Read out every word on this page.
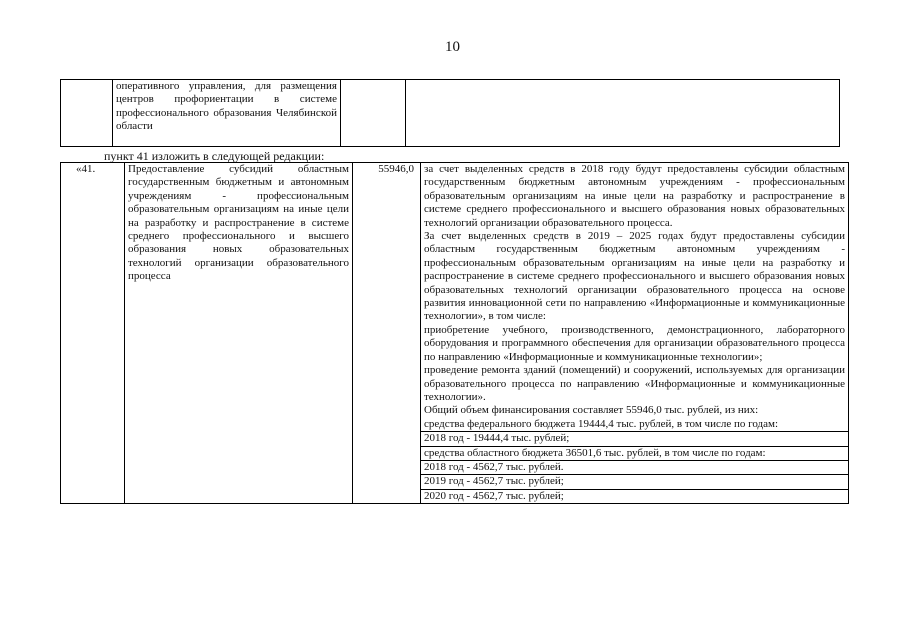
10
	оперативного управления, для размещения центров профориентации в системе профессионального образования Челябинской области		
пункт 41 изложить в следующей редакции:
«41.	Предоставление субсидий областным государственным бюджетным и автономным учреждениям - профессиональным образовательным организациям на иные цели на разработку и распространение в системе среднего профессионального и высшего образования новых образовательных технологий организации образовательного процесса	55946,0	за счет выделенных средств в 2018 году будут предоставлены субсидии областным государственным бюджетным автономным учреждениям - профессиональным образовательным организациям на иные цели на разработку и распространение в системе среднего профессионального и высшего образования новых образовательных технологий организации образовательного процесса.
За счет выделенных средств в 2019 – 2025 годах будут предоставлены субсидии областным государственным бюджетным автономным учреждениям - профессиональным образовательным организациям на иные цели на разработку и распространение в системе среднего профессионального и высшего образования новых образовательных технологий организации образовательного процесса на основе развития инновационной сети по направлению «Информационные и коммуникационные технологии», в том числе:
приобретение учебного, производственного, демонстрационного, лабораторного оборудования и программного обеспечения для организации образовательного процесса по направлению «Информационные и коммуникационные технологии»;
проведение ремонта зданий (помещений) и сооружений, используемых для организации образовательного процесса по направлению «Информационные и коммуникационные технологии».
Общий объем финансирования составляет 55946,0 тыс. рублей, из них:
средства федерального бюджета 19444,4 тыс. рублей, в том числе по годам:
2018 год - 19444,4 тыс. рублей;
средства областного бюджета 36501,6 тыс. рублей, в том числе по годам:
2018 год - 4562,7 тыс. рублей.
2019 год - 4562,7 тыс. рублей;
2020 год - 4562,7 тыс. рублей;
